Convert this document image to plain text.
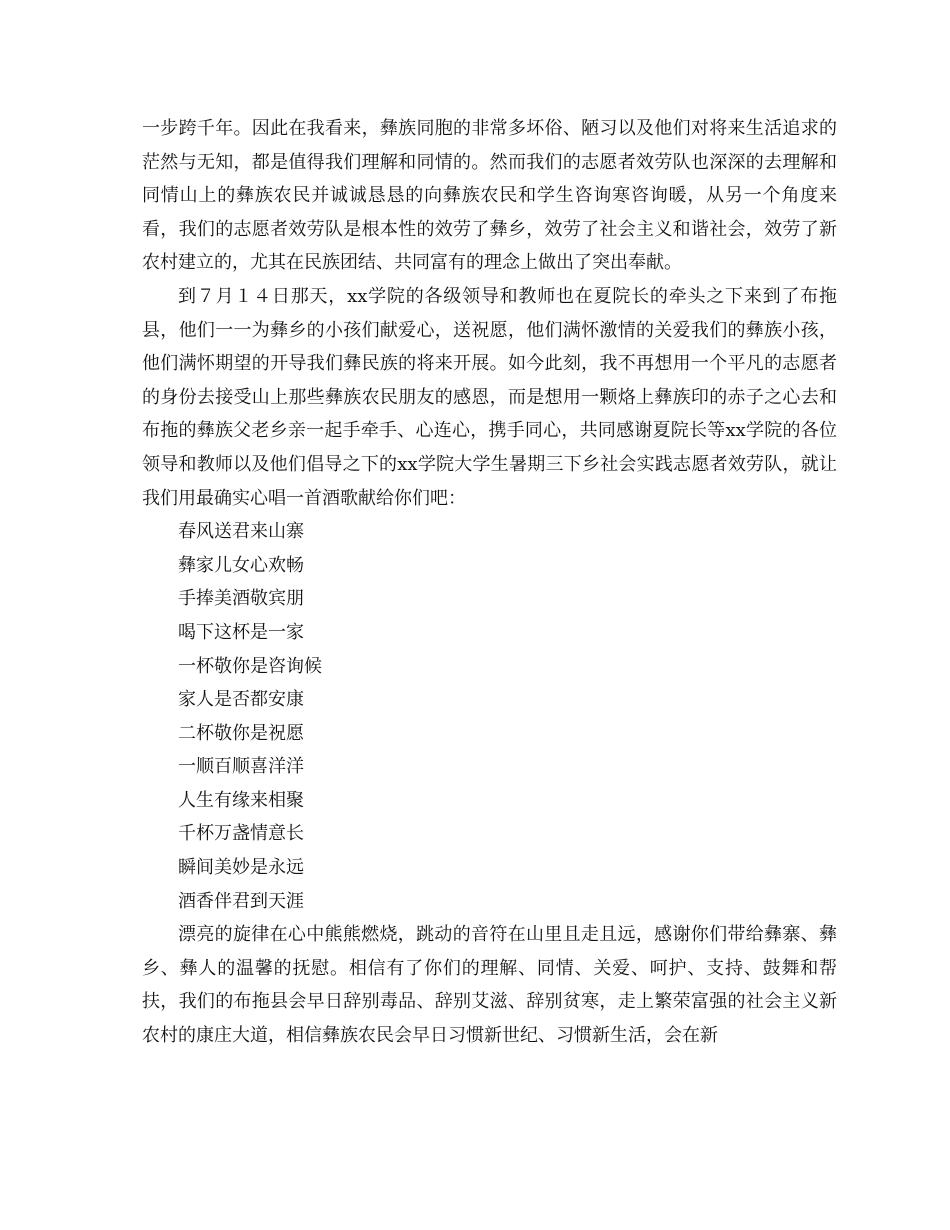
一步跨千年。因此在我看来，彝族同胞的非常多坏俗、陋习以及他们对将来生活追求的茫然与无知，都是值得我们理解和同情的。然而我们的志愿者效劳队也深深的去理解和同情山上的彝族农民并诚诚恳恳的向彝族农民和学生咨询寒咨询暖，从另一个角度来看，我们的志愿者效劳队是根本性的效劳了彝乡，效劳了社会主义和谐社会，效劳了新农村建立的，尤其在民族团结、共同富有的理念上做出了突出奉献。

到７月１４日那天，xx学院的各级领导和教师也在夏院长的牵头之下来到了布拖县，他们一一为彝乡的小孩们献爱心，送祝愿，他们满怀激情的关爱我们的彝族小孩，他们满怀期望的开导我们彝民族的将来开展。如今此刻，我不再想用一个平凡的志愿者的身份去接受山上那些彝族农民朋友的感恩，而是想用一颗烙上彝族印的赤子之心去和布拖的彝族父老乡亲一起手牵手、心连心，携手同心，共同感谢夏院长等xx学院的各位领导和教师以及他们倡导之下的xx学院大学生暑期三下乡社会实践志愿者效劳队，就让我们用最确实心唱一首酒歌献给你们吧：

春风送君来山寨

彝家儿女心欢畅

手捧美酒敬宾朋

喝下这杯是一家

一杯敬你是咨询候

家人是否都安康

二杯敬你是祝愿

一顺百顺喜洋洋

人生有缘来相聚

千杯万盏情意长

瞬间美妙是永远

酒香伴君到天涯

漂亮的旋律在心中熊熊燃烧，跳动的音符在山里且走且远，感谢你们带给彝寨、彝乡、彝人的温馨的抚慰。相信有了你们的理解、同情、关爱、呵护、支持、鼓舞和帮扶，我们的布拖县会早日辞别毒品、辞别艾滋、辞别贫寒，走上繁荣富强的社会主义新农村的康庄大道，相信彝族农民会早日习惯新世纪、习惯新生活，会在新
